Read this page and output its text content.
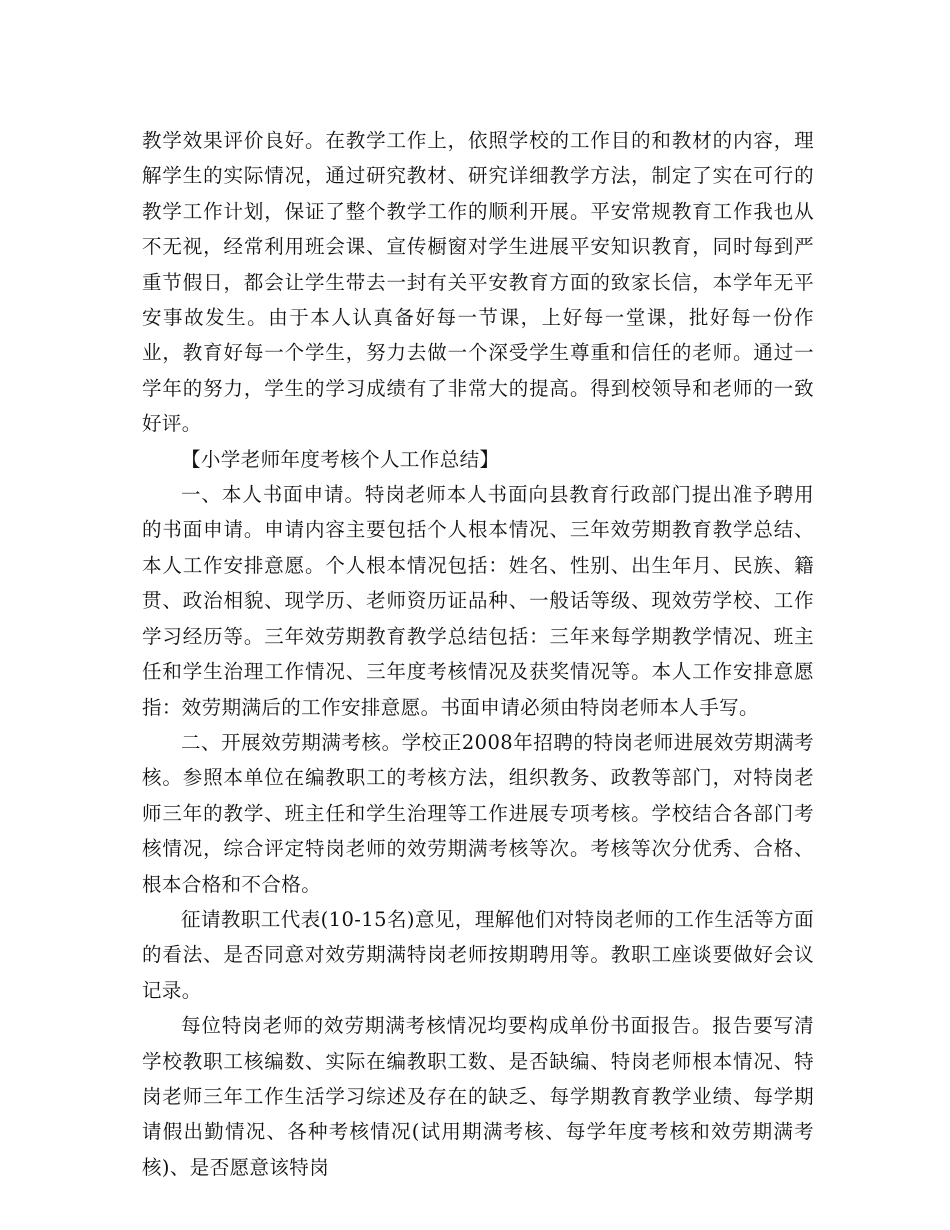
教学效果评价良好。在教学工作上，依照学校的工作目的和教材的内容，理解学生的实际情况，通过研究教材、研究详细教学方法，制定了实在可行的教学工作计划，保证了整个教学工作的顺利开展。平安常规教育工作我也从不无视，经常利用班会课、宣传橱窗对学生进展平安知识教育，同时每到严重节假日，都会让学生带去一封有关平安教育方面的致家长信，本学年无平安事故发生。由于本人认真备好每一节课，上好每一堂课，批好每一份作业，教育好每一个学生，努力去做一个深受学生尊重和信任的老师。通过一学年的努力，学生的学习成绩有了非常大的提高。得到校领导和老师的一致好评。

【小学老师年度考核个人工作总结】

一、本人书面申请。特岗老师本人书面向县教育行政部门提出准予聘用的书面申请。申请内容主要包括个人根本情况、三年效劳期教育教学总结、本人工作安排意愿。个人根本情况包括：姓名、性别、出生年月、民族、籍贯、政治相貌、现学历、老师资历证品种、一般话等级、现效劳学校、工作学习经历等。三年效劳期教育教学总结包括：三年来每学期教学情况、班主任和学生治理工作情况、三年度考核情况及获奖情况等。本人工作安排意愿指：效劳期满后的工作安排意愿。书面申请必须由特岗老师本人手写。

二、开展效劳期满考核。学校正2008年招聘的特岗老师进展效劳期满考核。参照本单位在编教职工的考核方法，组织教务、政教等部门，对特岗老师三年的教学、班主任和学生治理等工作进展专项考核。学校结合各部门考核情况，综合评定特岗老师的效劳期满考核等次。考核等次分优秀、合格、根本合格和不合格。

征请教职工代表(10-15名)意见，理解他们对特岗老师的工作生活等方面的看法、是否同意对效劳期满特岗老师按期聘用等。教职工座谈要做好会议记录。

每位特岗老师的效劳期满考核情况均要构成单份书面报告。报告要写清学校教职工核编数、实际在编教职工数、是否缺编、特岗老师根本情况、特岗老师三年工作生活学习综述及存在的缺乏、每学期教育教学业绩、每学期请假出勤情况、各种考核情况(试用期满考核、每学年度考核和效劳期满考核)、是否愿意该特岗
